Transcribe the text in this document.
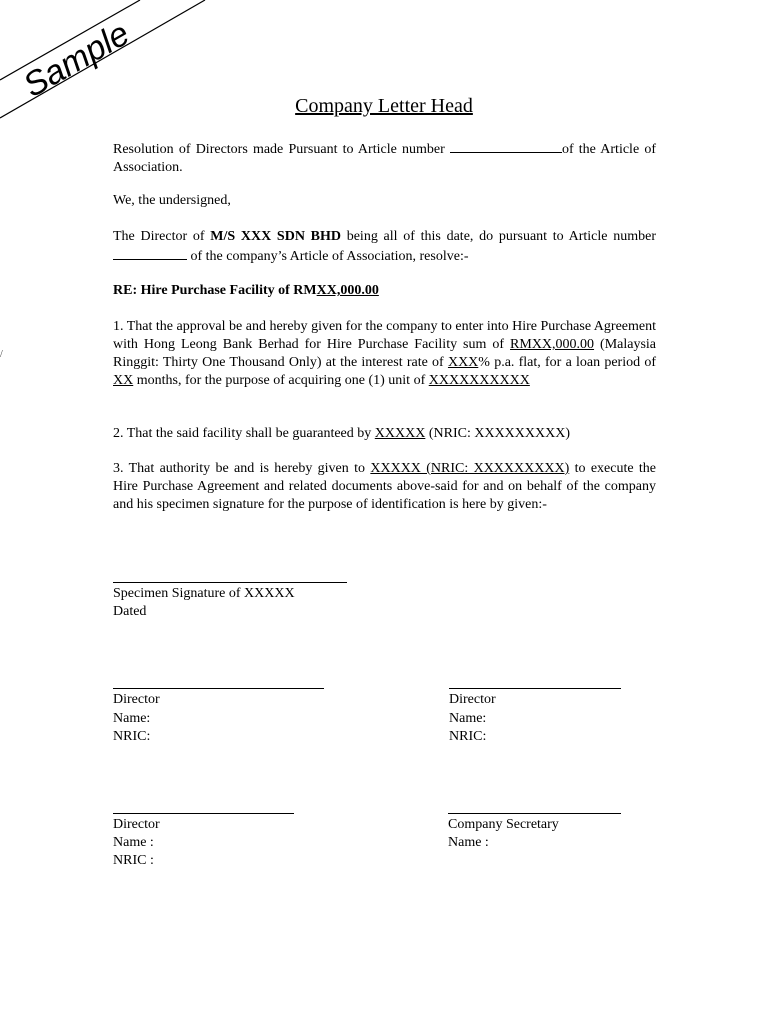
Sample
/
Company Letter Head
Resolution of Directors made Pursuant to Article number	of the Article of Association.
We, the undersigned,
The Director of M/S XXX SDN BHD being all of this date, do pursuant to Article number  of the company’s Article of Association, resolve:-
RE: Hire Purchase Facility of RMXX,000.00
1. That the approval be and hereby given for the company to enter into Hire Purchase Agreement with Hong Leong Bank Berhad for Hire Purchase Facility sum of RMXX,000.00 (Malaysia Ringgit: Thirty One Thousand Only) at the interest rate of XXX% p.a. flat, for a loan period of XX months, for the purpose of acquiring one (1) unit of XXXXXXXXXX
2. That the said facility shall be guaranteed by XXXXX (NRIC: XXXXXXXXX)
3. That authority be and is hereby given to XXXXX (NRIC: XXXXXXXXX) to execute the Hire Purchase Agreement and related documents above-said for and on behalf of the company and his specimen signature for the purpose of identification is here by given:-
Specimen Signature of XXXXX
Dated
Director
Name:
NRIC:
Director
Name:
NRIC:
Director
Name :
NRIC :
Company Secretary
Name :
